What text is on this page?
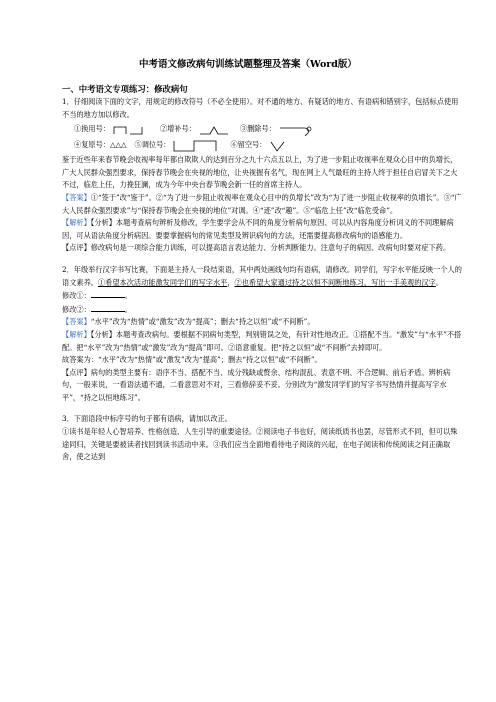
中考语文修改病句训练试题整理及答案（Word版）

一、中考语文专项练习：修改病句

1．仔细阅读下面的文字，用规定的修改符号（不必全使用）。对不通的地方、有疑话的地方、有语病和错别字，包括标点使用不当的地方加以修改。

①换用号：	②增补号：	③删除号：
④复原号：△△△ ⑤调位号：	⑥留空号：

鉴于近些年来春节晚会收视率每年都自欺欺人的达到百分之九十六点五以上，为了进一步阻止收视率在观众心目中的负增长，广大人民群众强烈要求，保持春节晚会在央视的地位，让央视握有名气，现在网上人气最旺的主持人终于担任自启冒关下之大不过，临危上任，力挽狂澜，成为今年中央台春节晚会新一任的首席主持人。

【答案】①“签于”改“鉴于”。②“为了进一步阻止收视率在观众心目中的负增长”改为“为了进一步阻止收视率的负增长”。③“广大人民群众强烈要求”与“保持春节晚会在央视的地位”对调。④“迹”改“趣”。⑤“临危上任”改“临危受命”。

【解析】【分析】本题考查病句辨析及修改，学生要学会从不同的角度分析病句原因、可以从内容角度分析词义的不同理解病因，可从语法角度分析病因。要要掌握病句的常见类型及辨识病句的方法，还需要提高修改病句的语感能力。

【点评】修改病句是一项综合能力训练，可以提高语言表达能力、分析判断能力。注意句子的病因、改病句时要对症下药。

2．年级举行汉字书写比赛，下面是主持人一段结束语，其中两处画线句均有语病，请修改。同学们，写字水平能反映一个人的语文素养。①希望本次活动能激发同学们的写字水平，②也希望大家通过持之以恒不间断地练习，写出一手美观的汉字。

修改①：	。

修改②：	。

【答案】“水平”改为“热情”或“激发”改为“提高”；删去“持之以恒”或“不间断”。

【解析】【分析】本题考查改病句。要根据不同病句类型，判别错误之处，有针对性地改正。①搭配不当。“激发”与“水平”不搭配。把“水平”改为“热情”或“激发”改为“提高”即可。②语意重复。把“持之以恒”或“不间断”去掉即可。

故答案为：“水平”改为“热情”或“激发”改为“提高”；删去“持之以恒”或“不间断”。

【点评】病句的类型主要有：语序不当、搭配不当、成分残缺或赘余、结构混乱、表意不明、不合逻辑、前后矛盾。辨析病句，一般来说，一看语法通不通，二看意思对不对，三看修辞妥不妥。分别改为“激发同学们的写字书写热情并提高写字水平”，“持之以恒地练习”。

3．下面语段中标序号的句子都有语病，请加以改正。

①读书是年轻人心智培养、性格创造、人生引导的重要途径。②阅读电子书也好，阅读纸质书也罢，尽管形式不同，但可以殊途同归，关键是要被读者找回到读书活动中来。③我们应当全面地看待电子阅读的兴起，在电子阅读和传统阅读之间正确取舍，使之达到
